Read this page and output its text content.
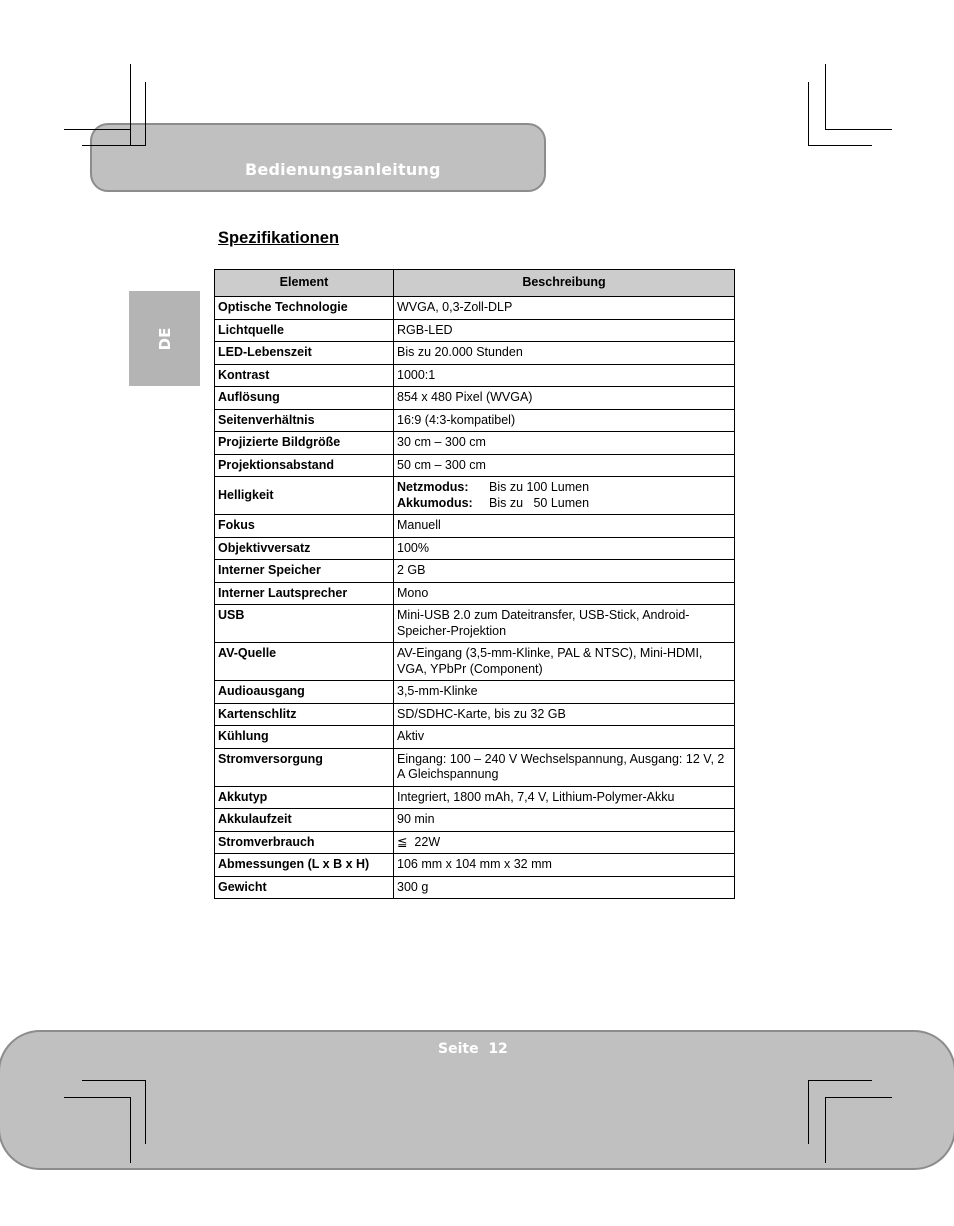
Bedienungsanleitung
DE
Spezifikationen
Element	Beschreibung
Optische Technologie	WVGA, 0,3-Zoll-DLP
Lichtquelle	RGB-LED
LED-Lebenszeit	Bis zu 20.000 Stunden
Kontrast	1000:1
Auflösung	854 x 480 Pixel (WVGA)
Seitenverhältnis	16:9 (4:3-kompatibel)
Projizierte Bildgröße	30 cm – 300 cm
Projektionsabstand	50 cm – 300 cm
Helligkeit	Netzmodus: Bis zu 100 Lumen
Akkumodus: Bis zu   50 Lumen

Fokus	Manuell
Objektivversatz	100%
Interner Speicher	2 GB
Interner Lautsprecher	Mono
USB	Mini-USB 2.0 zum Dateitransfer, USB-Stick, Android-Speicher-Projektion
AV-Quelle	AV-Eingang (3,5-mm-Klinke, PAL & NTSC), Mini-HDMI, VGA, YPbPr (Component)
Audioausgang	3,5-mm-Klinke
Kartenschlitz	SD/SDHC-Karte, bis zu 32 GB
Kühlung	Aktiv
Stromversorgung	Eingang: 100 – 240 V Wechselspannung, Ausgang: 12 V, 2 A Gleichspannung
Akkutyp	Integriert, 1800 mAh, 7,4 V, Lithium-Polymer-Akku
Akkulaufzeit	90 min
Stromverbrauch	≦  22W
Abmessungen (L x B x H)	106 mm x 104 mm x 32 mm
Gewicht	300 g
Seite  12
